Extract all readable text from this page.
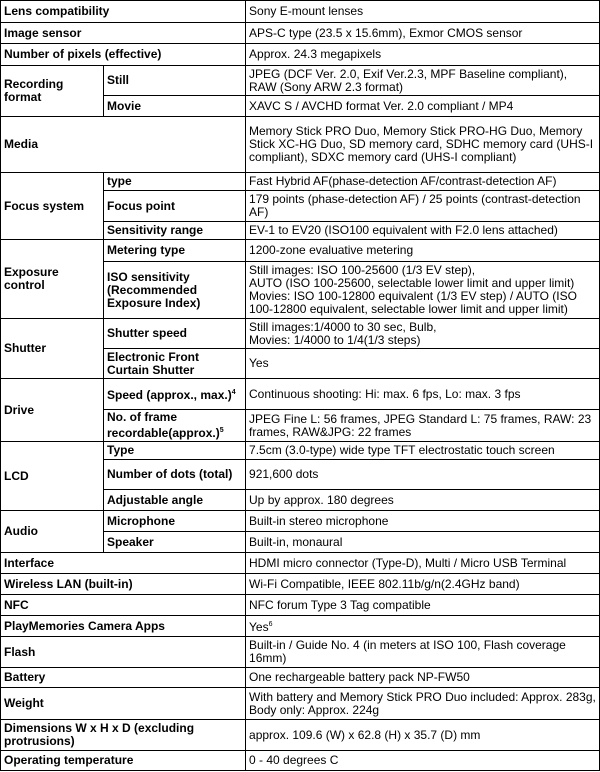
Lens compatibility		Sony E-mount lenses
Image sensor		APS-C type (23.5 x 15.6mm), Exmor CMOS sensor
Number of pixels (effective)		Approx. 24.3 megapixels
Recording format	Still	JPEG (DCF Ver. 2.0, Exif Ver.2.3, MPF Baseline compliant), RAW (Sony ARW 2.3 format)
	Movie	XAVC S / AVCHD format Ver. 2.0 compliant / MP4
Media		Memory Stick PRO Duo, Memory Stick PRO-HG Duo, Memory Stick XC-HG Duo, SD memory card, SDHC memory card (UHS-I compliant), SDXC memory card (UHS-I compliant)
Focus system	type	Fast Hybrid AF(phase-detection AF/contrast-detection AF)
	Focus point	179 points (phase-detection AF) / 25 points (contrast-detection AF)
	Sensitivity range	EV-1 to EV20 (ISO100 equivalent with F2.0 lens attached)
Exposure control	Metering type	1200-zone evaluative metering
	ISO sensitivity (Recommended Exposure Index)	Still images: ISO 100-25600 (1/3 EV step),
AUTO (ISO 100-25600, selectable lower limit and upper limit)
Movies: ISO 100-12800 equivalent (1/3 EV step) / AUTO (ISO 100-12800 equivalent, selectable lower limit and upper limit)

Shutter	Shutter speed	Still images:1/4000 to 30 sec, Bulb,
Movies: 1/4000 to 1/4(1/3 steps)

	Electronic Front Curtain Shutter	Yes
Drive	Speed (approx., max.)$^4$	Continuous shooting: Hi: max. 6 fps, Lo: max. 3 fps
	No. of frame recordable(approx.)$^5$	JPEG Fine L: 56 frames, JPEG Standard L: 75 frames, RAW: 23 frames, RAW&JPG: 22 frames
LCD	Type	7.5cm (3.0-type) wide type TFT electrostatic touch screen
	Number of dots (total)	921,600 dots
	Adjustable angle	Up by approx. 180 degrees
Audio	Microphone	Built-in stereo microphone
	Speaker	Built-in, monaural
Interface		HDMI micro connector (Type-D), Multi / Micro USB Terminal
Wireless LAN (built-in)		Wi-Fi Compatible, IEEE 802.11b/g/n(2.4GHz band)
NFC		NFC forum Type 3 Tag compatible
PlayMemories Camera Apps		Yes$^6$
Flash		Built-in / Guide No. 4 (in meters at ISO 100, Flash coverage 16mm)
Battery		One rechargeable battery pack NP-FW50
Weight		With battery and Memory Stick PRO Duo included: Approx. 283g, Body only: Approx. 224g
Dimensions W x H x D (excluding protrusions)		approx. 109.6 (W) x 62.8 (H) x 35.7 (D) mm
Operating temperature		0 - 40 degrees C
